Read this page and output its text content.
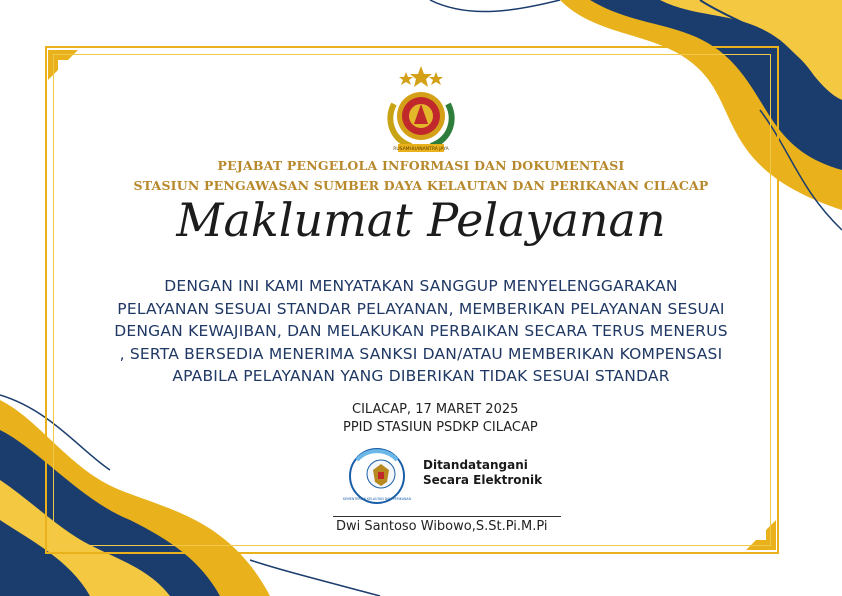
RUSAMHUANANTRA JAYA
PEJABAT PENGELOLA INFORMASI DAN DOKUMENTASI
STASIUN PENGAWASAN SUMBER DAYA KELAUTAN DAN PERIKANAN CILACAP
Maklumat Pelayanan
DENGAN INI KAMI MENYATAKAN SANGGUP MENYELENGGARAKAN
PELAYANAN SESUAI STANDAR PELAYANAN, MEMBERIKAN PELAYANAN SESUAI
DENGAN KEWAJIBAN, DAN MELAKUKAN PERBAIKAN SECARA TERUS MENERUS
, SERTA BERSEDIA MENERIMA SANKSI DAN/ATAU MEMBERIKAN KOMPENSASI
APABILA PELAYANAN YANG DIBERIKAN TIDAK SESUAI STANDAR
CILACAP, 17 MARET 2025
PPID STASIUN PSDKP CILACAP
KEMENTERIAN KELAUTAN DAN PERIKANAN
Ditandatangani
Secara Elektronik
Dwi Santoso Wibowo,S.St.Pi.M.Pi
